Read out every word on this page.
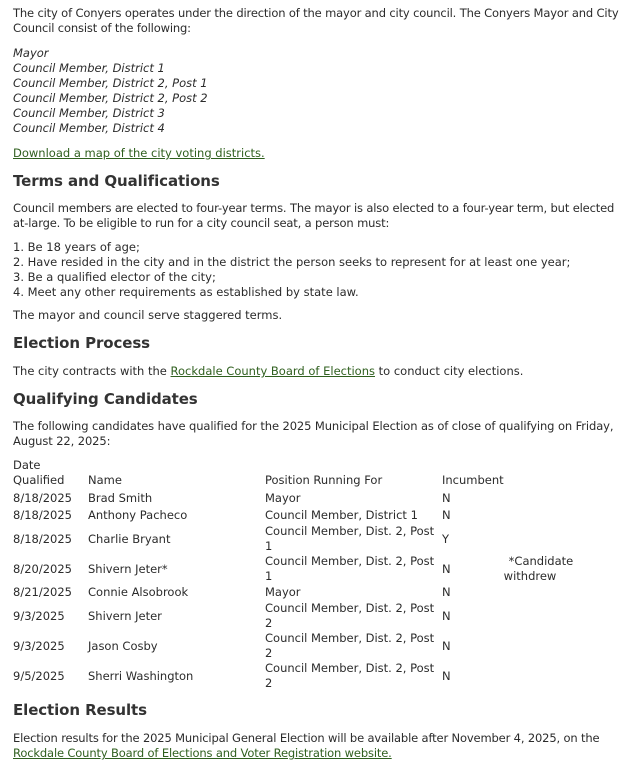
The city of Conyers operates under the direction of the mayor and city council. The Conyers Mayor and City Council consist of the following:

Mayor
Council Member, District 1
Council Member, District 2, Post 1
Council Member, District 2, Post 2
Council Member, District 3
Council Member, District 4

Download a map of the city voting districts.

Terms and Qualifications

Council members are elected to four-year terms. The mayor is also elected to a four-year term, but elected at-large. To be eligible to run for a city council seat, a person must:

1. Be 18 years of age;
2. Have resided in the city and in the district the person seeks to represent for at least one year;
3. Be a qualified elector of the city;
4. Meet any other requirements as established by state law.

The mayor and council serve staggered terms.

Election Process

The city contracts with the Rockdale County Board of Elections to conduct city elections.

Qualifying Candidates

The following candidates have qualified for the 2025 Municipal Election as of close of qualifying on Friday, August 22, 2025:

Date Qualified	Name	Position Running For	Incumbent	
8/18/2025	Brad Smith	Mayor	N	
8/18/2025	Anthony Pacheco	Council Member, District 1	N	
8/18/2025	Charlie Bryant	Council Member, Dist. 2, Post 1	Y	
8/20/2025	Shivern Jeter*	Council Member, Dist. 2, Post 1	N	*Candidate withdrew
8/21/2025	Connie Alsobrook	Mayor	N	
9/3/2025	Shivern Jeter	Council Member, Dist. 2, Post 2	N	
9/3/2025	Jason Cosby	Council Member, Dist. 2, Post 2	N	
9/5/2025	Sherri Washington	Council Member, Dist. 2, Post 2	N	
Election Results

Election results for the 2025 Municipal General Election will be available after November 4, 2025, on the Rockdale County Board of Elections and Voter Registration website.
